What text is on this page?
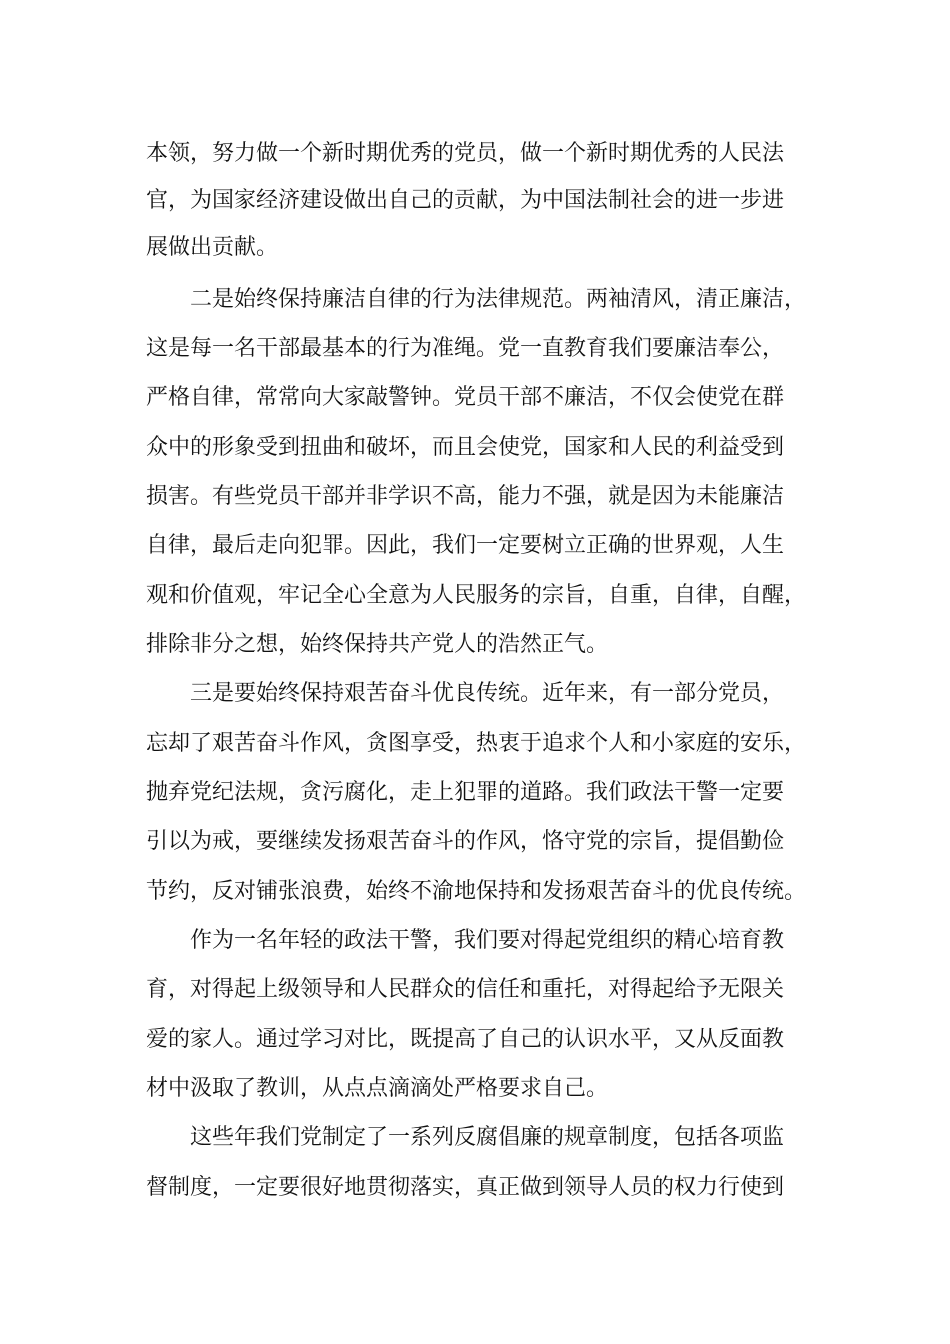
本领，努力做一个新时期优秀的党员，做一个新时期优秀的人民法
官，为国家经济建设做出自己的贡献，为中国法制社会的进一步进
展做出贡献。
二是始终保持廉洁自律的行为法律规范。两袖清风，清正廉洁，
这是每一名干部最基本的行为准绳。党一直教育我们要廉洁奉公，
严格自律，常常向大家敲警钟。党员干部不廉洁，不仅会使党在群
众中的形象受到扭曲和破坏，而且会使党，国家和人民的利益受到
损害。有些党员干部并非学识不高，能力不强，就是因为未能廉洁
自律，最后走向犯罪。因此，我们一定要树立正确的世界观，人生
观和价值观，牢记全心全意为人民服务的宗旨，自重，自律，自醒，
排除非分之想，始终保持共产党人的浩然正气。
三是要始终保持艰苦奋斗优良传统。近年来，有一部分党员，
忘却了艰苦奋斗作风，贪图享受，热衷于追求个人和小家庭的安乐，
抛弃党纪法规，贪污腐化，走上犯罪的道路。我们政法干警一定要
引以为戒，要继续发扬艰苦奋斗的作风，恪守党的宗旨，提倡勤俭
节约，反对铺张浪费，始终不渝地保持和发扬艰苦奋斗的优良传统。
作为一名年轻的政法干警，我们要对得起党组织的精心培育教
育，对得起上级领导和人民群众的信任和重托，对得起给予无限关
爱的家人。通过学习对比，既提高了自己的认识水平，又从反面教
材中汲取了教训，从点点滴滴处严格要求自己。
这些年我们党制定了一系列反腐倡廉的规章制度，包括各项监
督制度，一定要很好地贯彻落实，真正做到领导人员的权力行使到
